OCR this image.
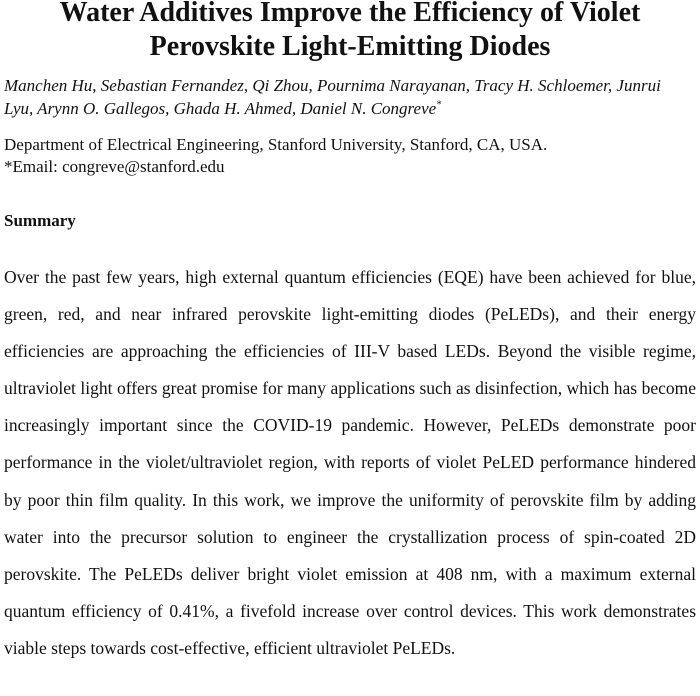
Water Additives Improve the Efficiency of Violet
Perovskite Light-Emitting Diodes

Manchen Hu, Sebastian Fernandez, Qi Zhou, Pournima Narayanan, Tracy H. Schloemer, Junrui
Lyu, Arynn O. Gallegos, Ghada H. Ahmed, Daniel N. Congreve*

Department of Electrical Engineering, Stanford University, Stanford, CA, USA.
*Email: congreve@stanford.edu

Summary

Over the past few years, high external quantum efficiencies (EQE) have been achieved for blue,
green, red, and near infrared perovskite light-emitting diodes (PeLEDs), and their energy
efficiencies are approaching the efficiencies of III-V based LEDs. Beyond the visible regime,
ultraviolet light offers great promise for many applications such as disinfection, which has become
increasingly important since the COVID-19 pandemic. However, PeLEDs demonstrate poor
performance in the violet/ultraviolet region, with reports of violet PeLED performance hindered
by poor thin film quality. In this work, we improve the uniformity of perovskite film by adding
water into the precursor solution to engineer the crystallization process of spin-coated 2D
perovskite. The PeLEDs deliver bright violet emission at 408 nm, with a maximum external
quantum efficiency of 0.41%, a fivefold increase over control devices. This work demonstrates
viable steps towards cost-effective, efficient ultraviolet PeLEDs.
